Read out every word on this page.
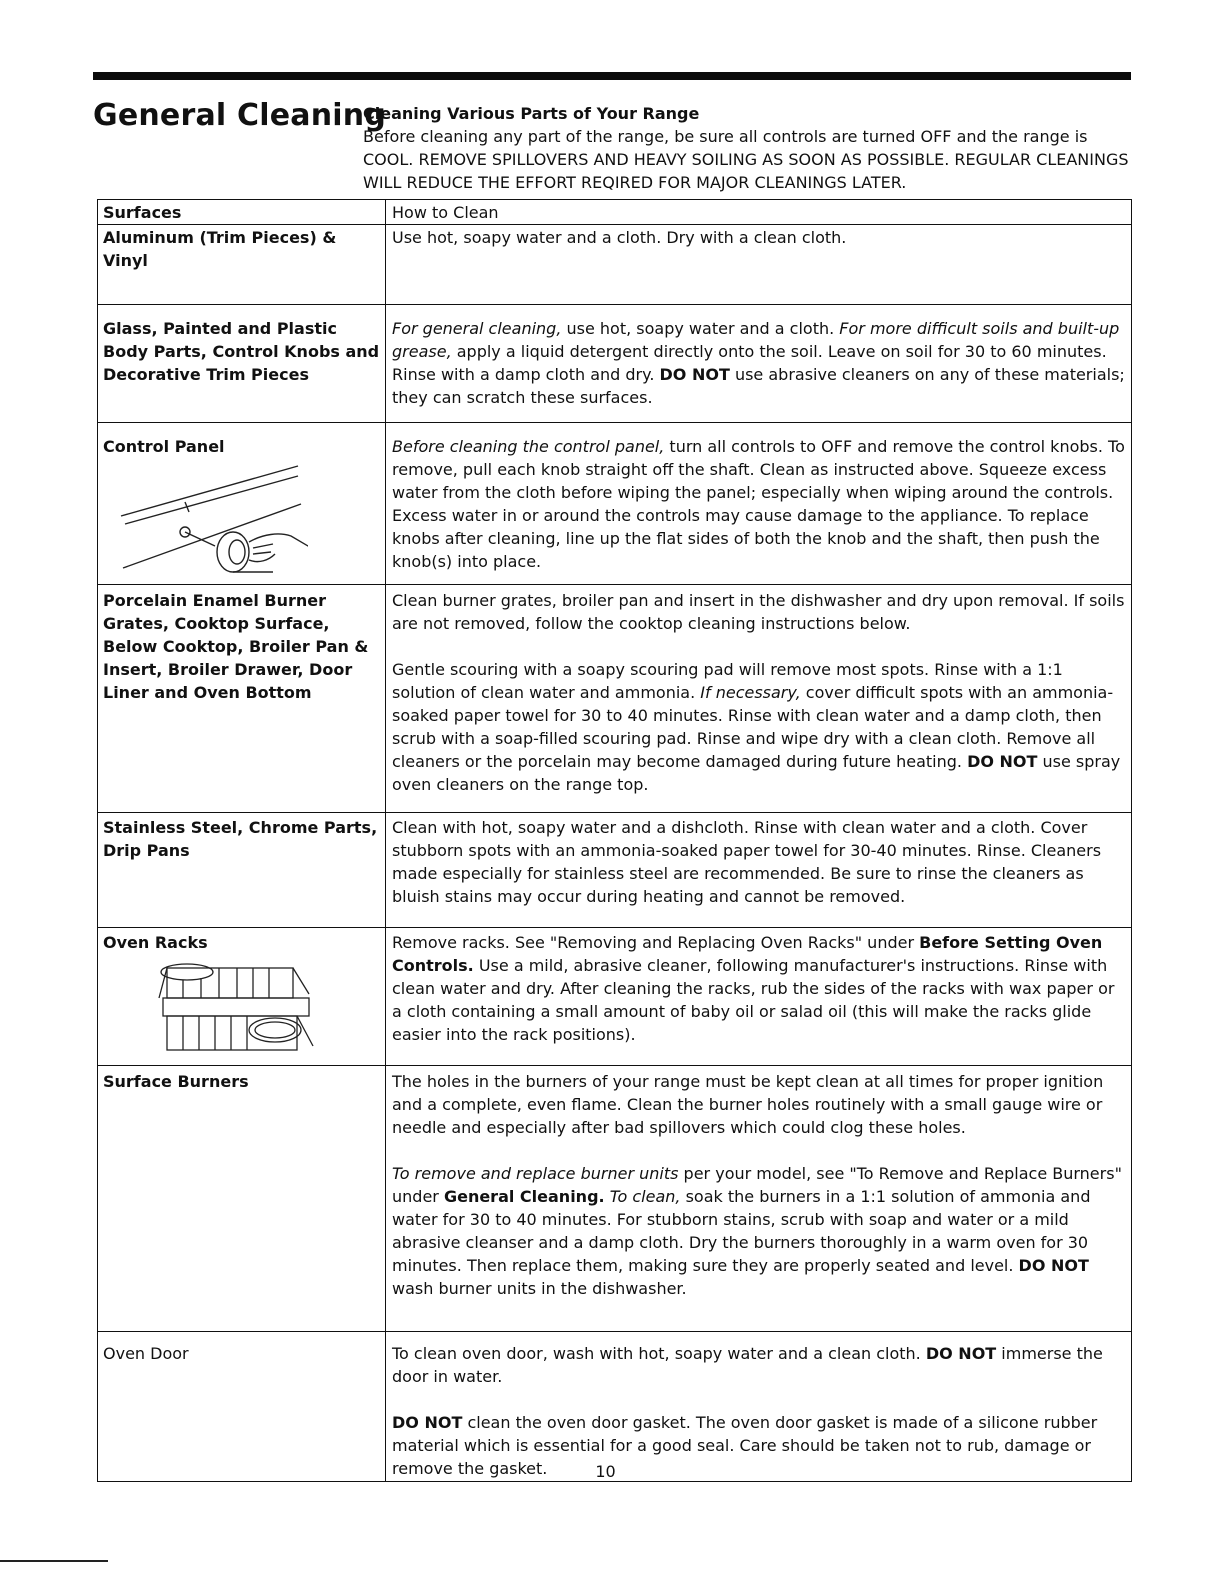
General Cleaning
Cleaning Various Parts of Your Range
Before cleaning any part of the range, be sure all controls are turned OFF and the range is COOL. REMOVE SPILLOVERS AND HEAVY SOILING AS SOON AS POSSIBLE. REGULAR CLEANINGS WILL REDUCE THE EFFORT REQIRED FOR MAJOR CLEANINGS LATER.
Surfaces	How to Clean
Aluminum (Trim Pieces) & Vinyl	Use hot, soapy water and a cloth. Dry with a clean cloth.
Glass, Painted and Plastic Body Parts, Control Knobs and Decorative Trim Pieces	For general cleaning, use hot, soapy water and a cloth. For more difficult soils and built-up grease, apply a liquid detergent directly onto the soil. Leave on soil for 30 to 60 minutes. Rinse with a damp cloth and dry. DO NOT use abrasive cleaners on any of these materials; they can scratch these surfaces.
Control Panel	Before cleaning the control panel, turn all controls to OFF and remove the control knobs. To remove, pull each knob straight off the shaft. Clean as instructed above. Squeeze excess water from the cloth before wiping the panel; especially when wiping around the controls. Excess water in or around the controls may cause damage to the appliance. To replace knobs after cleaning, line up the flat sides of both the knob and the shaft, then push the knob(s) into place.
Porcelain Enamel Burner Grates, Cooktop Surface, Below Cooktop, Broiler Pan & Insert, Broiler Drawer, Door Liner and Oven Bottom	Clean burner grates, broiler pan and insert in the dishwasher and dry upon removal. If soils are not removed, follow the cooktop cleaning instructions below.

Gentle scouring with a soapy scouring pad will remove most spots. Rinse with a 1:1 solution of clean water and ammonia. If necessary, cover difficult spots with an ammonia-soaked paper towel for 30 to 40 minutes. Rinse with clean water and a damp cloth, then scrub with a soap-filled scouring pad. Rinse and wipe dry with a clean cloth. Remove all cleaners or the porcelain may become damaged during future heating. DO NOT use spray oven cleaners on the range top.

Stainless Steel, Chrome Parts, Drip Pans	Clean with hot, soapy water and a dishcloth. Rinse with clean water and a cloth. Cover stubborn spots with an ammonia-soaked paper towel for 30-40 minutes. Rinse. Cleaners made especially for stainless steel are recommended. Be sure to rinse the cleaners as bluish stains may occur during heating and cannot be removed.
Oven Racks	Remove racks. See "Removing and Replacing Oven Racks" under Before Setting Oven Controls. Use a mild, abrasive cleaner, following manufacturer's instructions. Rinse with clean water and dry. After cleaning the racks, rub the sides of the racks with wax paper or a cloth containing a small amount of baby oil or salad oil (this will make the racks glide easier into the rack positions).
Surface Burners	The holes in the burners of your range must be kept clean at all times for proper ignition and a complete, even flame. Clean the burner holes routinely with a small gauge wire or needle and especially after bad spillovers which could clog these holes.

To remove and replace burner units per your model, see "To Remove and Replace Burners" under General Cleaning. To clean, soak the burners in a 1:1 solution of ammonia and water for 30 to 40 minutes. For stubborn stains, scrub with soap and water or a mild abrasive cleanser and a damp cloth. Dry the burners thoroughly in a warm oven for 30 minutes. Then replace them, making sure they are properly seated and level. DO NOT wash burner units in the dishwasher.

Oven Door	To clean oven door, wash with hot, soapy water and a clean cloth. DO NOT immerse the door in water.

DO NOT clean the oven door gasket. The oven door gasket is made of a silicone rubber material which is essential for a good seal. Care should be taken not to rub, damage or remove the gasket.	10
